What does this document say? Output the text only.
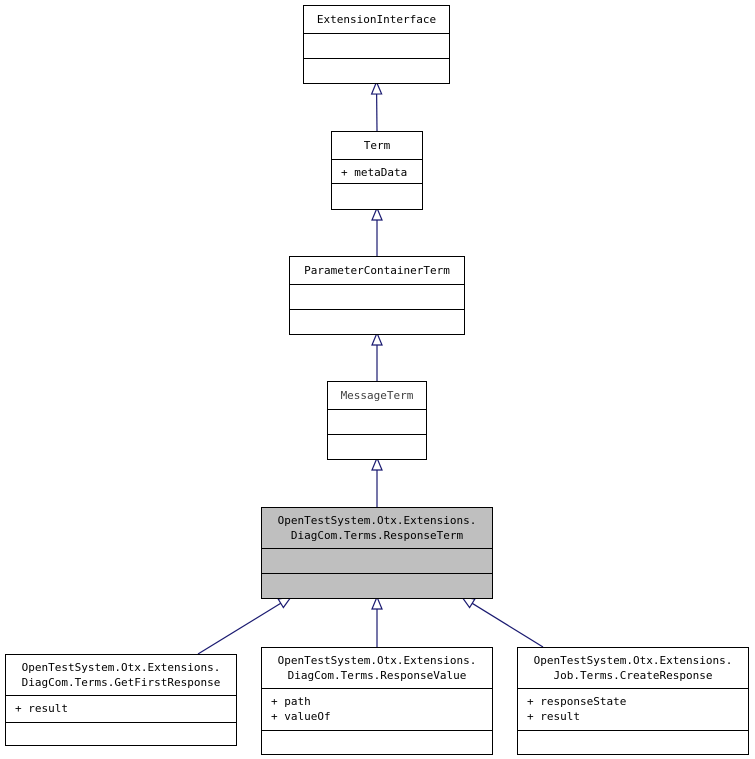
ExtensionInterface
Term
+ metaData
ParameterContainerTerm
MessageTerm
OpenTestSystem.Otx.Extensions.
DiagCom.Terms.ResponseTerm
OpenTestSystem.Otx.Extensions.
DiagCom.Terms.GetFirstResponse
+ result
OpenTestSystem.Otx.Extensions.
DiagCom.Terms.ResponseValue
+ path
+ valueOf
OpenTestSystem.Otx.Extensions.
Job.Terms.CreateResponse
+ responseState
+ result
